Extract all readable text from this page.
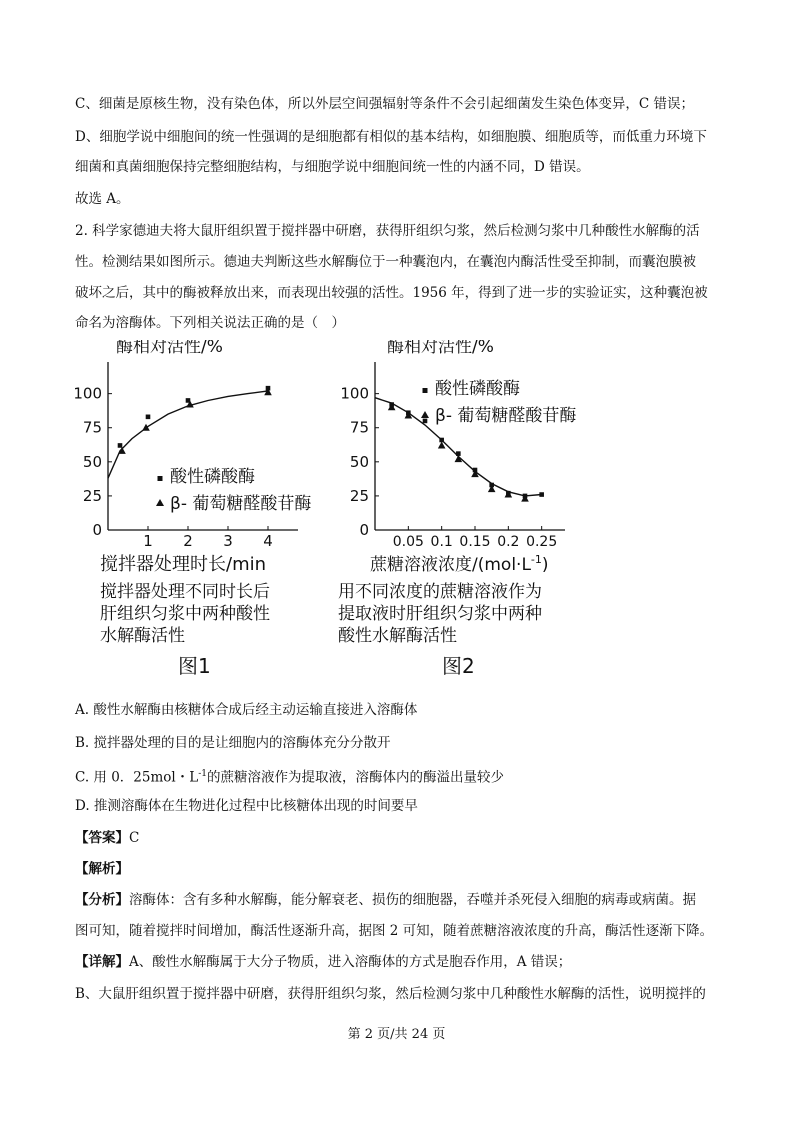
C、细菌是原核生物，没有染色体，所以外层空间强辐射等条件不会引起细菌发生染色体变异，C 错误；
D、细胞学说中细胞间的统一性强调的是细胞都有相似的基本结构，如细胞膜、细胞质等，而低重力环境下
细菌和真菌细胞保持完整细胞结构，与细胞学说中细胞间统一性的内涵不同，D 错误。
故选 A。
2. 科学家德迪夫将大鼠肝组织置于搅拌器中研磨，获得肝组织匀浆，然后检测匀浆中几种酸性水解酶的活
性。检测结果如图所示。德迪夫判断这些水解酶位于一种囊泡内，在囊泡内酶活性受至抑制，而囊泡膜被
破坏之后，其中的酶被释放出来，而表现出较强的活性。1956 年，得到了进一步的实验证实，这种囊泡被
命名为溶酶体。下列相关说法正确的是（　）
酶相对活性/%
0
25
50
75
100
1 2 3 4
酸性磷酸酶
β- 葡萄糖醛酸苷酶
搅拌器处理时长/min
搅拌器处理不同时长后
肝组织匀浆中两种酸性
水解酶活性
图1
酶相对活性/%
0
25
50
75
100
0.05 0.1 0.15 0.2 0.25
酸性磷酸酶
β- 葡萄糖醛酸苷酶
蔗糖溶液浓度$/(mol\cdot L^{-1})$
用不同浓度的蔗糖溶液作为
提取液时肝组织匀浆中两种
酸性水解酶活性
图2
A. 酸性水解酶由核糖体合成后经主动运输直接进入溶酶体
B. 搅拌器处理的目的是让细胞内的溶酶体充分分散开
C. 用 0．25mol・$L^{-1}$的蔗糖溶液作为提取液，溶酶体内的酶溢出量较少
D. 推测溶酶体在生物进化过程中比核糖体出现的时间要早
【答案】C
【解析】
【分析】溶酶体：含有多种水解酶，能分解衰老、损伤的细胞器，吞噬并杀死侵入细胞的病毒或病菌。据
图可知，随着搅拌时间增加，酶活性逐渐升高，据图 2 可知，随着蔗糖溶液浓度的升高，酶活性逐渐下降。
【详解】A、酸性水解酶属于大分子物质，进入溶酶体的方式是胞吞作用，A 错误；
B、大鼠肝组织置于搅拌器中研磨，获得肝组织匀浆，然后检测匀浆中几种酸性水解酶的活性，说明搅拌的
第 2 页/共 24 页
